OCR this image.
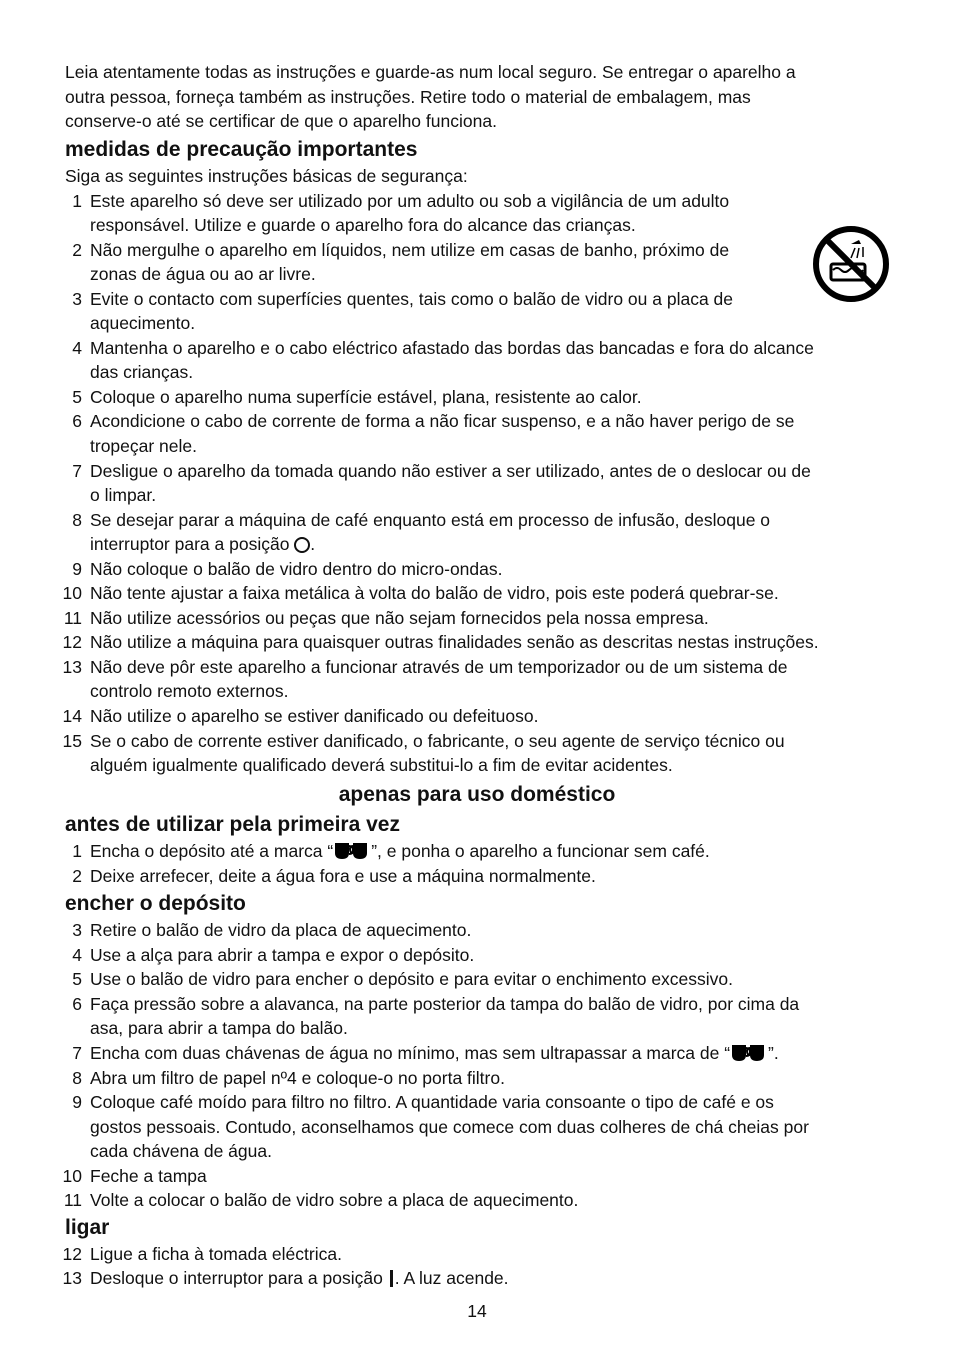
Leia atentamente todas as instruções e guarde-as num local seguro. Se entregar o aparelho a

outra pessoa, forneça também as instruções. Retire todo o material de embalagem, mas

conserve-o até se certificar de que o aparelho funciona.

medidas de precaução importantes

Siga as seguintes instruções básicas de segurança:

1 Este aparelho só deve ser utilizado por um adulto ou sob a vigilância de um adulto
responsável. Utilize e guarde o aparelho fora do alcance das crianças.
2 Não mergulhe o aparelho em líquidos, nem utilize em casas de banho, próximo de
zonas de água ou ao ar livre.
3 Evite o contacto com superfícies quentes, tais como o balão de vidro ou a placa de
aquecimento.
4 Mantenha o aparelho e o cabo eléctrico afastado das bordas das bancadas e fora do alcance
das crianças.
5 Coloque o aparelho numa superfície estável, plana, resistente ao calor.
6 Acondicione o cabo de corrente de forma a não ficar suspenso, e a não haver perigo de se
tropeçar nele.
7 Desligue o aparelho da tomada quando não estiver a ser utilizado, antes de o deslocar ou de
o limpar.
8 Se desejar parar a máquina de café enquanto está em processo de infusão, desloque o
interruptor para a posição .
9 Não coloque o balão de vidro dentro do micro-ondas.
10 Não tente ajustar a faixa metálica à volta do balão de vidro, pois este poderá quebrar-se.
11 Não utilize acessórios ou peças que não sejam fornecidos pela nossa empresa.
12 Não utilize a máquina para quaisquer outras finalidades senão as descritas nestas instruções.
13 Não deve pôr este aparelho a funcionar através de um temporizador ou de um sistema de
controlo remoto externos.
14 Não utilize o aparelho se estiver danificado ou defeituoso.
15 Se o cabo de corrente estiver danificado, o fabricante, o seu agente de serviço técnico ou
alguém igualmente qualificado deverá substitui-lo a fim de evitar acidentes.
apenas para uso doméstico
antes de utilizar pela primeira vez
1 Encha o depósito até a marca “ ”, e ponha o aparelho a funcionar sem café.
2 Deixe arrefecer, deite a água fora e use a máquina normalmente.
encher o depósito
3 Retire o balão de vidro da placa de aquecimento.
4 Use a alça para abrir a tampa e expor o depósito.
5 Use o balão de vidro para encher o depósito e para evitar o enchimento excessivo.
6 Faça pressão sobre a alavanca, na parte posterior da tampa do balão de vidro, por cima da
asa, para abrir a tampa do balão.
7 Encha com duas chávenas de água no mínimo, mas sem ultrapassar a marca de “ ”.
8 Abra um filtro de papel nº4 e coloque-o no porta filtro.
9 Coloque café moído para filtro no filtro. A quantidade varia consoante o tipo de café e os
gostos pessoais. Contudo, aconselhamos que comece com duas colheres de chá cheias por
cada chávena de água.
10 Feche a tampa
11 Volte a colocar o balão de vidro sobre a placa de aquecimento.
ligar
12 Ligue a ficha à tomada eléctrica.
13 Desloque o interruptor para a posição . A luz acende.
14
